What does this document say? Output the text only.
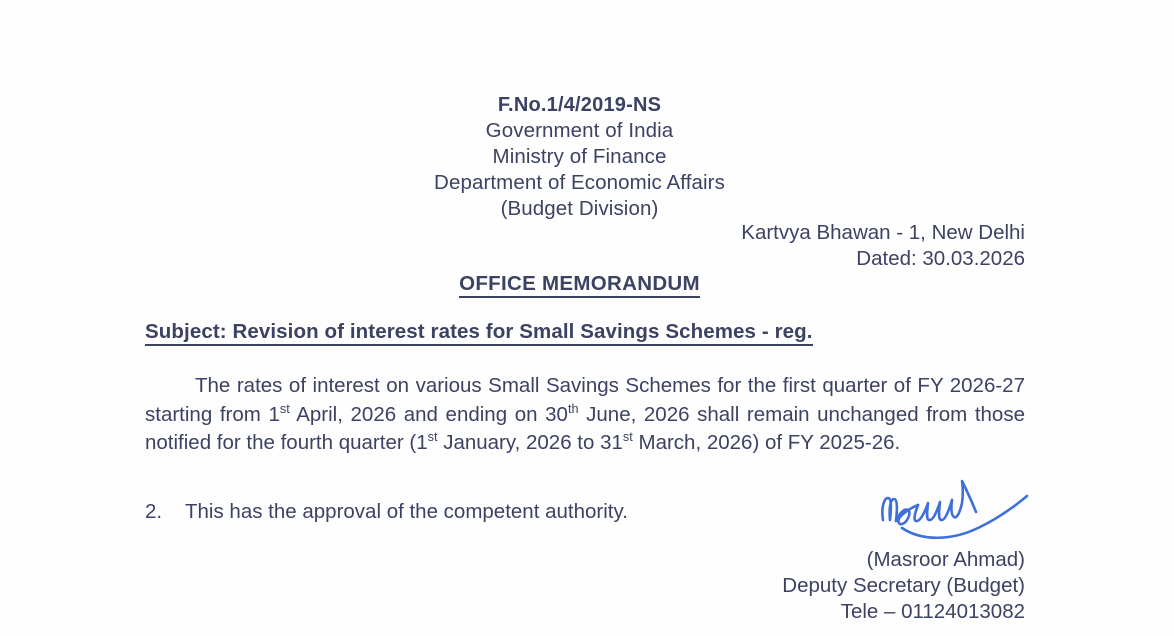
F.No.1/4/2019-NS
Government of India
Ministry of Finance
Department of Economic Affairs
(Budget Division)
Kartvya Bhawan - 1, New Delhi
Dated: 30.03.2026
OFFICE MEMORANDUM
Subject: Revision of interest rates for Small Savings Schemes - reg.
The rates of interest on various Small Savings Schemes for the first quarter of FY 2026-27 starting from 1st April, 2026 and ending on 30th June, 2026 shall remain unchanged from those notified for the fourth quarter (1st January, 2026 to 31st March, 2026) of FY 2025-26.
2. This has the approval of the competent authority.
(Masroor Ahmad)
Deputy Secretary (Budget)
Tele – 01124013082
